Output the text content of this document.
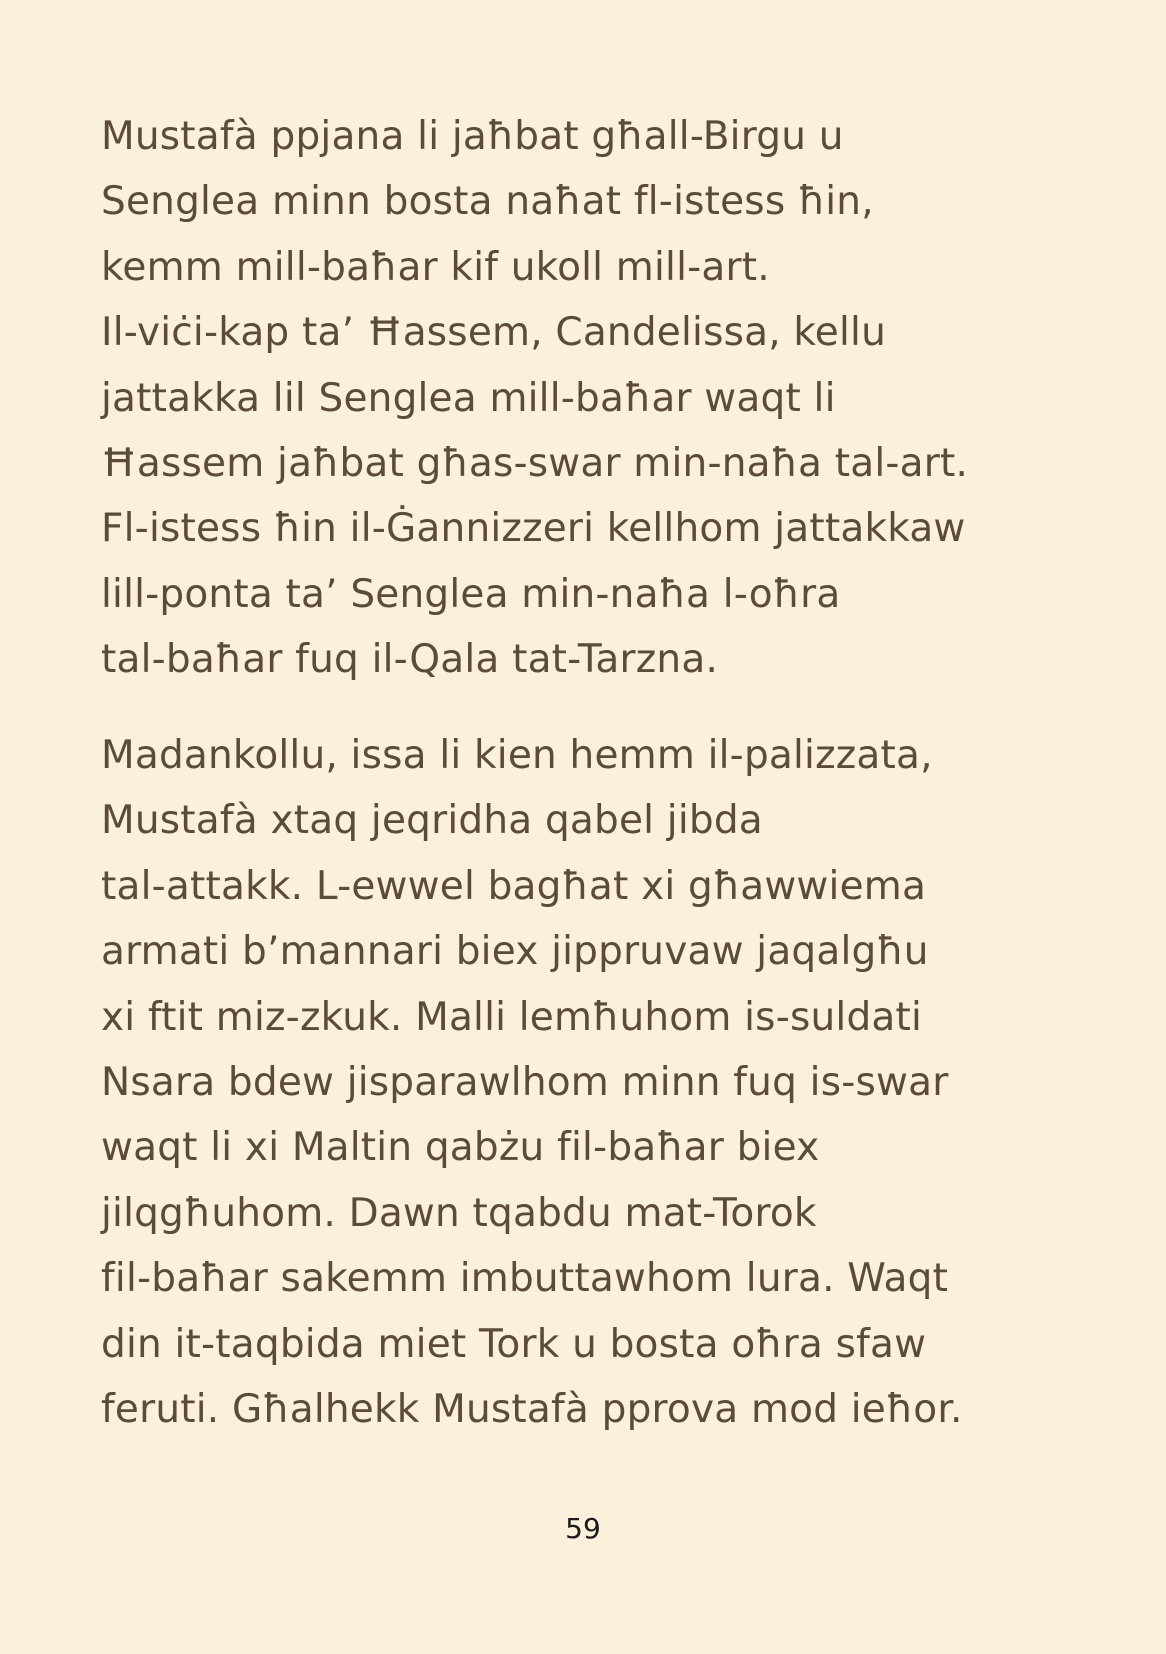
Mustafà ppjana li jaħbat għall-Birgu u
Senglea minn bosta naħat fl-istess ħin,
kemm mill-baħar kif ukoll mill-art.
Il-viċi-kap ta’ Ħassem, Candelissa, kellu
jattakka lil Senglea mill-baħar waqt li
Ħassem jaħbat għas-swar min-naħa tal-art.
Fl-istess ħin il-Ġannizzeri kellhom jattakkaw
lill-ponta ta’ Senglea min-naħa l-oħra
tal-baħar fuq il-Qala tat-Tarzna.

Madankollu, issa li kien hemm il-palizzata,
Mustafà xtaq jeqridha qabel jibda
tal-attakk. L-ewwel bagħat xi għawwiema
armati b’mannari biex jippruvaw jaqalgħu
xi ftit miz-zkuk. Malli lemħuhom is-suldati
Nsara bdew jisparawlhom minn fuq is-swar
waqt li xi Maltin qabżu fil-baħar biex
jilqgħuhom. Dawn tqabdu mat-Torok
fil-baħar sakemm imbuttawhom lura. Waqt
din it-taqbida miet Tork u bosta oħra sfaw
feruti. Għalhekk Mustafà pprova mod ieħor.

59
